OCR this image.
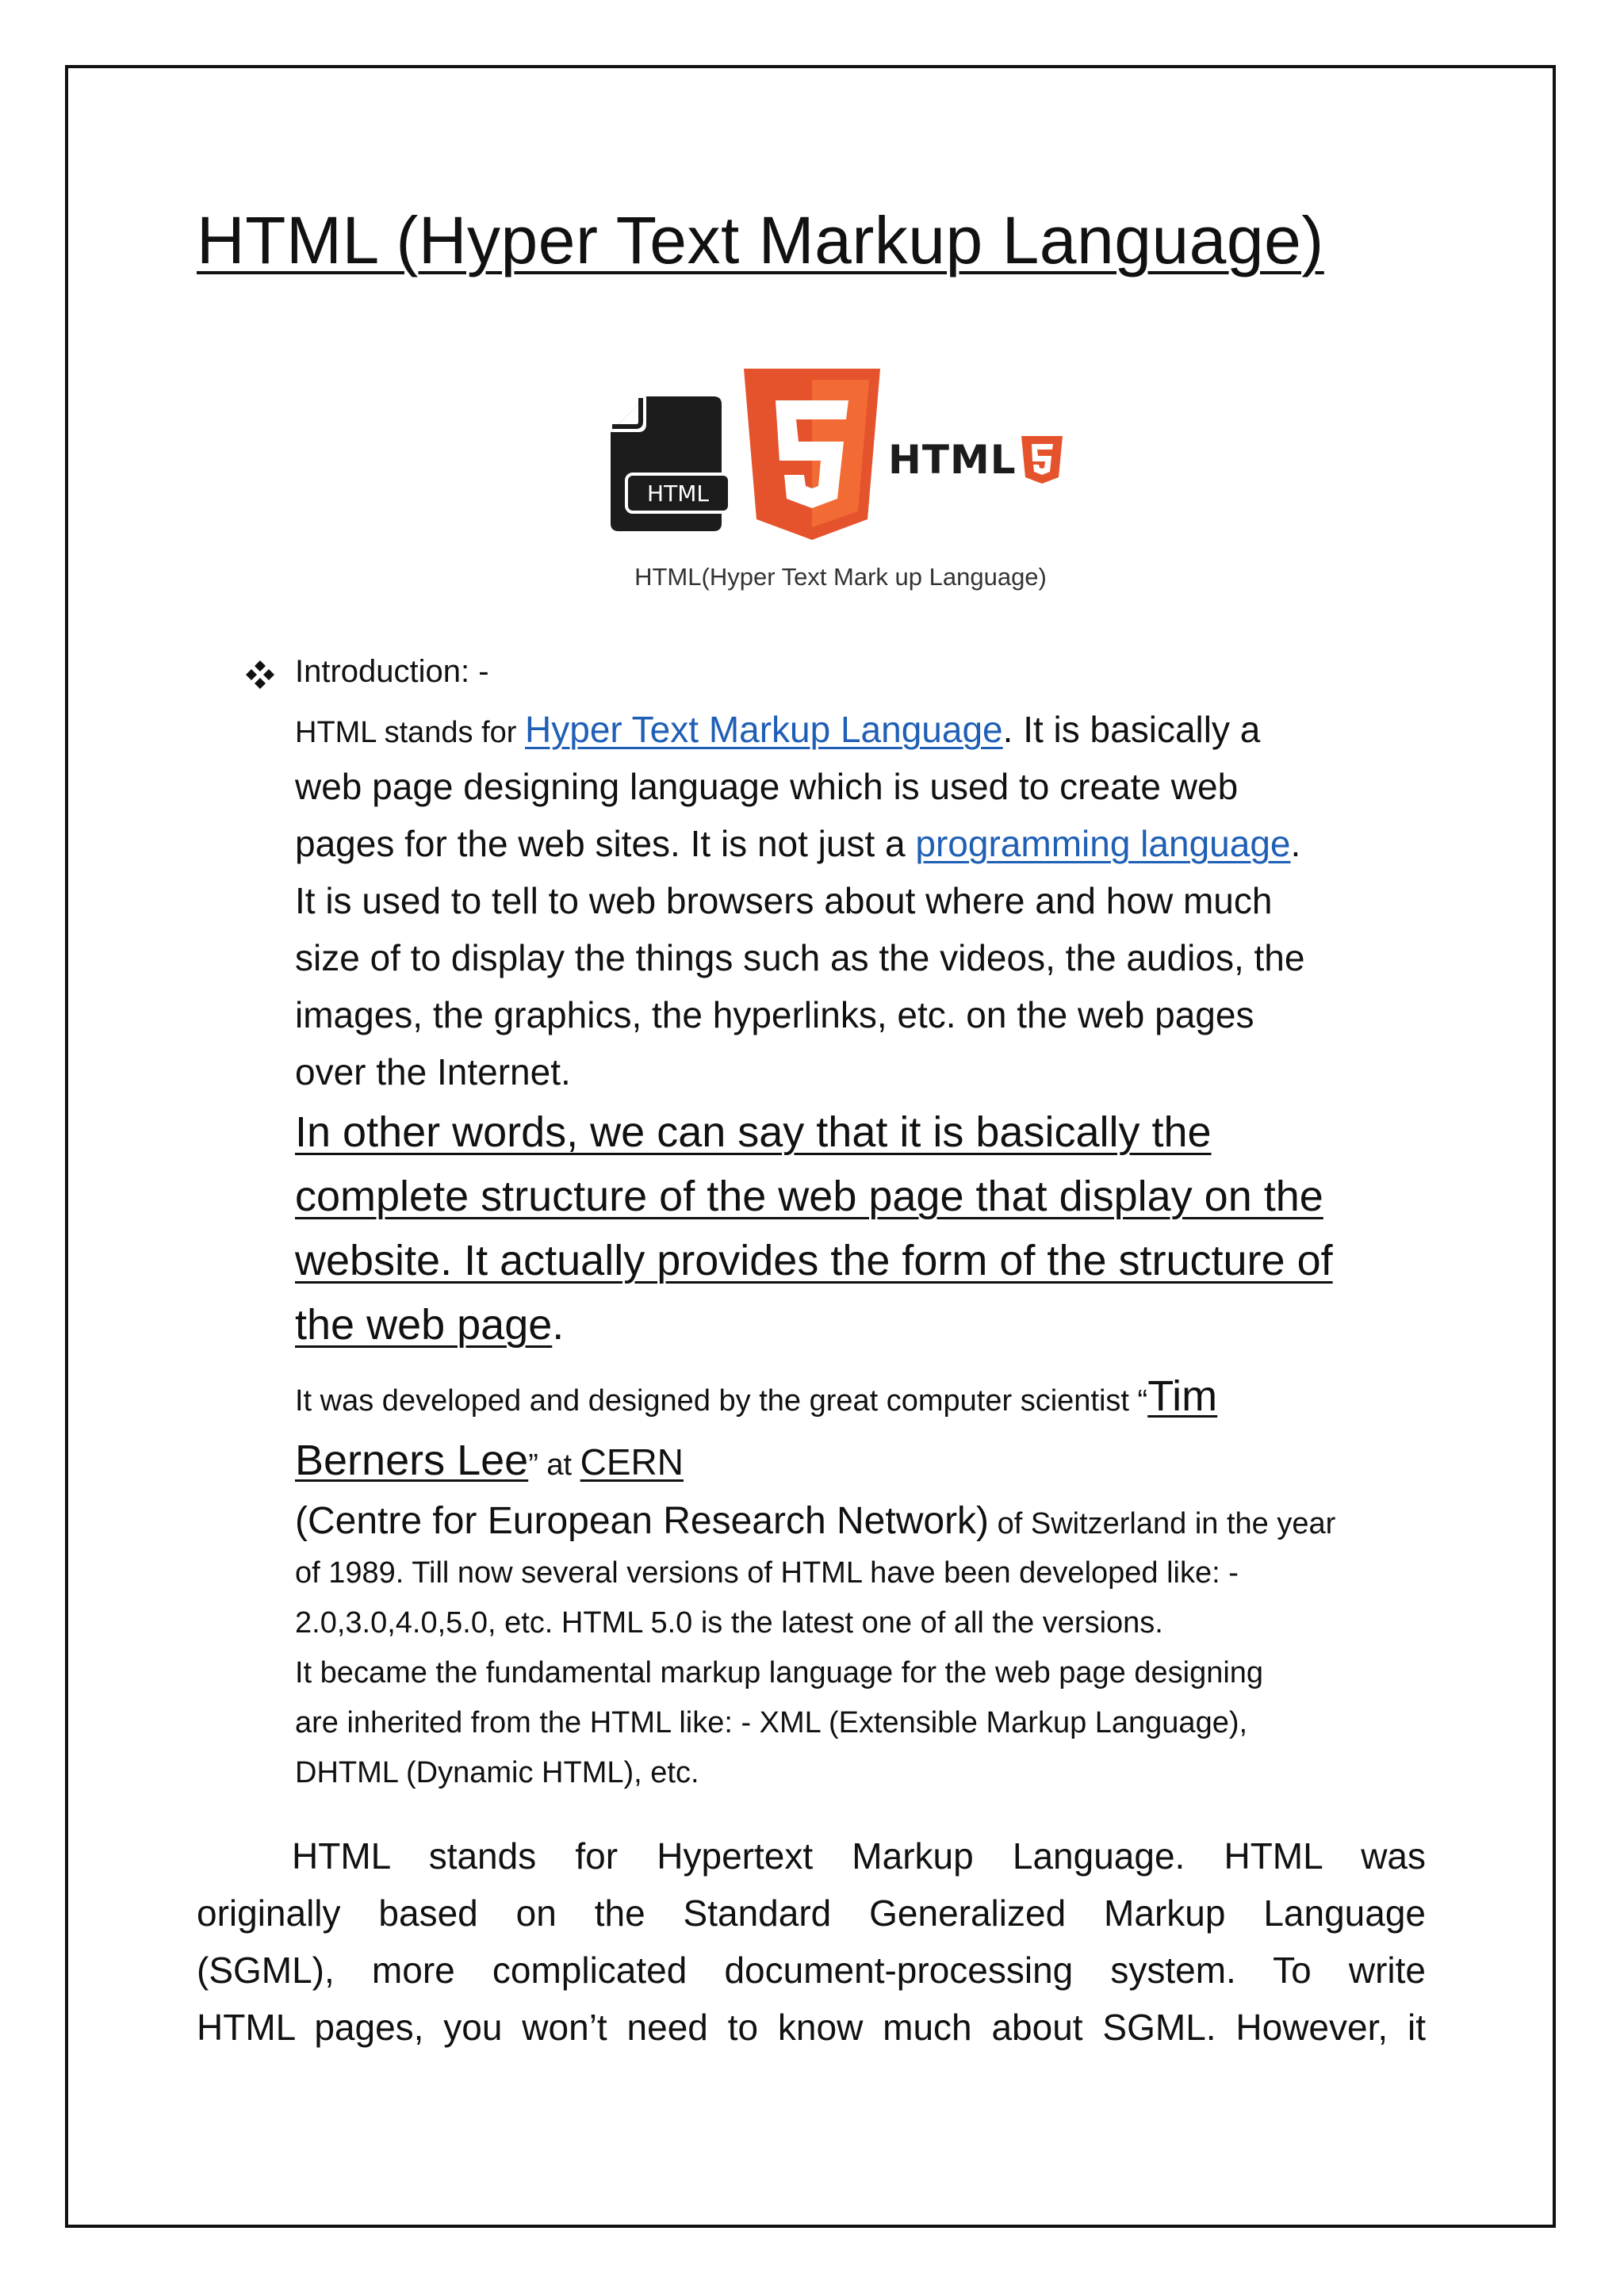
HTML (Hyper Text Markup Language)
HTML
HTML
HTML(Hyper Text Mark up Language)
Introduction: -
HTML stands for Hyper Text Markup Language. It is basically a
web page designing language which is used to create web
pages for the web sites. It is not just a programming language.
It is used to tell to web browsers about where and how much
size of to display the things such as the videos, the audios, the
images, the graphics, the hyperlinks, etc. on the web pages
over the Internet.
In other words, we can say that it is basically the
complete structure of the web page that display on the
website. It actually provides the form of the structure of
the web page.
It was developed and designed by the great computer scientist “Tim
Berners Lee” at CERN
(Centre for European Research Network) of Switzerland in the year
of 1989. Till now several versions of HTML have been developed like: -
2.0,3.0,4.0,5.0, etc. HTML 5.0 is the latest one of all the versions.
It became the fundamental markup language for the web page designing
are inherited from the HTML like: - XML (Extensible Markup Language),
DHTML (Dynamic HTML), etc.
HTML stands for Hypertext Markup Language. HTML was
originally based on the Standard Generalized Markup Language
(SGML), more complicated document-processing system. To write
HTML pages, you won’t need to know much about SGML. However, it
